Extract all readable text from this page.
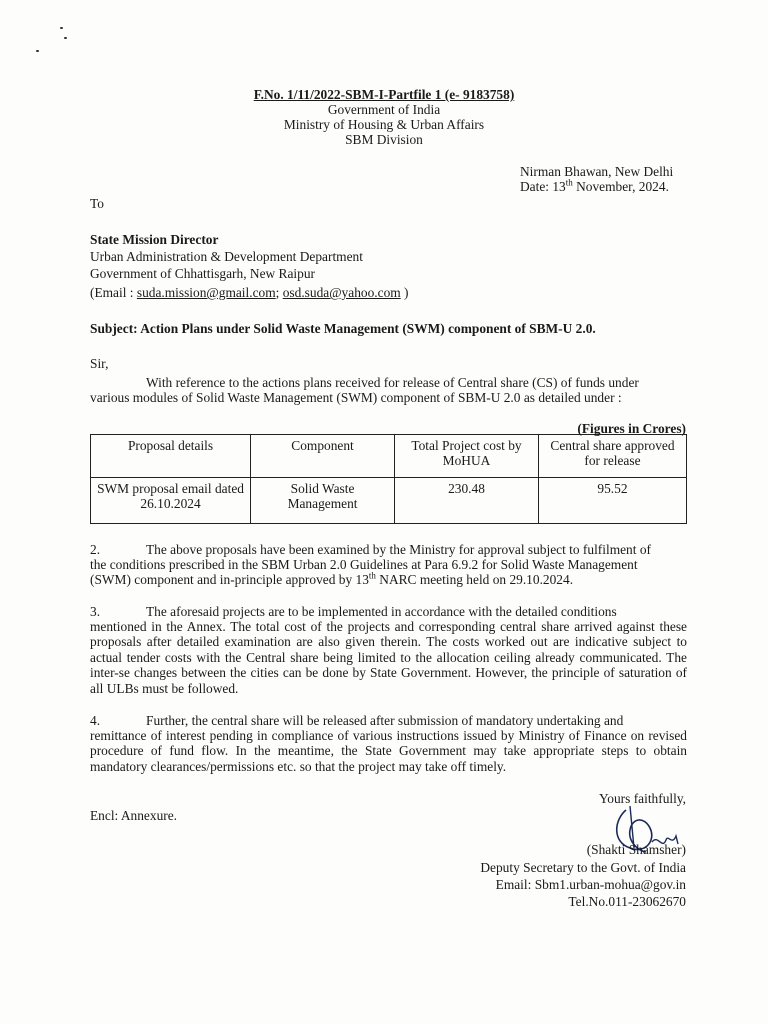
F.No. 1/11/2022-SBM-I-Partfile 1 (e- 9183758)
Government of India
Ministry of Housing & Urban Affairs
SBM Division
Nirman Bhawan, New Delhi
Date: 13th November, 2024.
To
State Mission Director
Urban Administration & Development Department
Government of Chhattisgarh, New Raipur
(Email : suda.mission@gmail.com; osd.suda@yahoo.com )
Subject: Action Plans under Solid Waste Management (SWM) component of SBM-U 2.0.
Sir,
With reference to the actions plans received for release of Central share (CS) of funds under
various modules of Solid Waste Management (SWM) component of SBM-U 2.0 as detailed under :
(Figures in Crores)
Proposal details	Component	Total Project cost by MoHUA	Central share approved for release
SWM proposal email dated 26.10.2024	Solid Waste Management	230.48	95.52
2.	The above proposals have been examined by the Ministry for approval subject to fulfilment of
the conditions prescribed in the SBM Urban 2.0 Guidelines at Para 6.9.2 for Solid Waste Management
(SWM) component and in-principle approved by 13th NARC meeting held on 29.10.2024.
3.	The aforesaid projects are to be implemented in accordance with the detailed conditions
mentioned in the Annex. The total cost of the projects and corresponding central share arrived against these proposals after detailed examination are also given therein. The costs worked out are indicative subject to actual tender costs with the Central share being limited to the allocation ceiling already communicated. The inter-se changes between the cities can be done by State Government. However, the principle of saturation of all ULBs must be followed.
4.	Further, the central share will be released after submission of mandatory undertaking and
remittance of interest pending in compliance of various instructions issued by Ministry of Finance on revised procedure of fund flow. In the meantime, the State Government may take appropriate steps to obtain mandatory clearances/permissions etc. so that the project may take off timely.
Yours faithfully,
Encl: Annexure.
(Shakti Shamsher)
Deputy Secretary to the Govt. of India
Email: Sbm1.urban-mohua@gov.in
Tel.No.011-23062670
